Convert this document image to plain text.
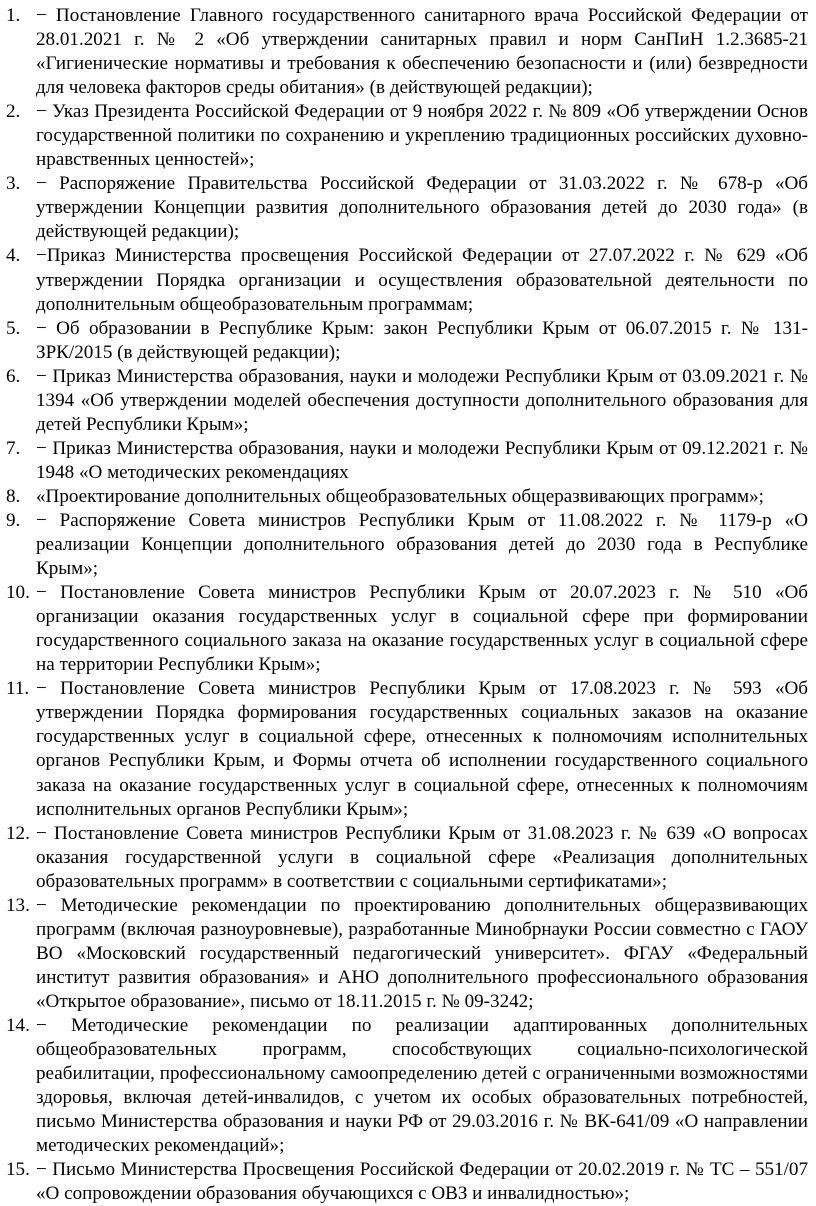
1. − Постановление Главного государственного санитарного врача Российской Федерации от 28.01.2021 г. № 2 «Об утверждении санитарных правил и норм СанПиН 1.2.3685-21 «Гигиенические нормативы и требования к обеспечению безопасности и (или) безвредности для человека факторов среды обитания» (в действующей редакции);
2. − Указ Президента Российской Федерации от 9 ноября 2022 г. № 809 «Об утверждении Основ государственной политики по сохранению и укреплению традиционных российских духовно-нравственных ценностей»;
3. − Распоряжение Правительства Российской Федерации от 31.03.2022 г. № 678-р «Об утверждении Концепции развития дополнительного образования детей до 2030 года» (в действующей редакции);
4. −Приказ Министерства просвещения Российской Федерации от 27.07.2022 г. № 629 «Об утверждении Порядка организации и осуществления образовательной деятельности по дополнительным общеобразовательным программам;
5. − Об образовании в Республике Крым: закон Республики Крым от 06.07.2015 г. № 131-ЗРК/2015 (в действующей редакции);
6. − Приказ Министерства образования, науки и молодежи Республики Крым от 03.09.2021 г. № 1394 «Об утверждении моделей обеспечения доступности дополнительного образования для детей Республики Крым»;
7. − Приказ Министерства образования, науки и молодежи Республики Крым от 09.12.2021 г. № 1948 «О методических рекомендациях
8. «Проектирование дополнительных общеобразовательных общеразвивающих программ»;
9. − Распоряжение Совета министров Республики Крым от 11.08.2022 г. № 1179-р «О реализации Концепции дополнительного образования детей до 2030 года в Республике Крым»;
10. − Постановление Совета министров Республики Крым от 20.07.2023 г. № 510 «Об организации оказания государственных услуг в социальной сфере при формировании государственного социального заказа на оказание государственных услуг в социальной сфере на территории Республики Крым»;
11. − Постановление Совета министров Республики Крым от 17.08.2023 г. № 593 «Об утверждении Порядка формирования государственных социальных заказов на оказание государственных услуг в социальной сфере, отнесенных к полномочиям исполнительных органов Республики Крым, и Формы отчета об исполнении государственного социального заказа на оказание государственных услуг в социальной сфере, отнесенных к полномочиям исполнительных органов Республики Крым»;
12. − Постановление Совета министров Республики Крым от 31.08.2023 г. № 639 «О вопросах оказания государственной услуги в социальной сфере «Реализация дополнительных образовательных программ» в соответствии с социальными сертификатами»;
13. − Методические рекомендации по проектированию дополнительных общеразвивающих программ (включая разноуровневые), разработанные Минобрнауки России совместно с ГАОУ ВО «Московский государственный педагогический университет». ФГАУ «Федеральный институт развития образования» и АНО дополнительного профессионального образования «Открытое образование», письмо от 18.11.2015 г. № 09-3242;
14. − Методические рекомендации по реализации адаптированных дополнительных общеобразовательных программ, способствующих социально-психологической реабилитации, профессиональному самоопределению детей с ограниченными возможностями здоровья, включая детей-инвалидов, с учетом их особых образовательных потребностей, письмо Министерства образования и науки РФ от 29.03.2016 г. № ВК-641/09 «О направлении методических рекомендаций»;
15. − Письмо Министерства Просвещения Российской Федерации от 20.02.2019 г. № ТС – 551/07 «О сопровождении образования обучающихся с ОВЗ и инвалидностью»;
